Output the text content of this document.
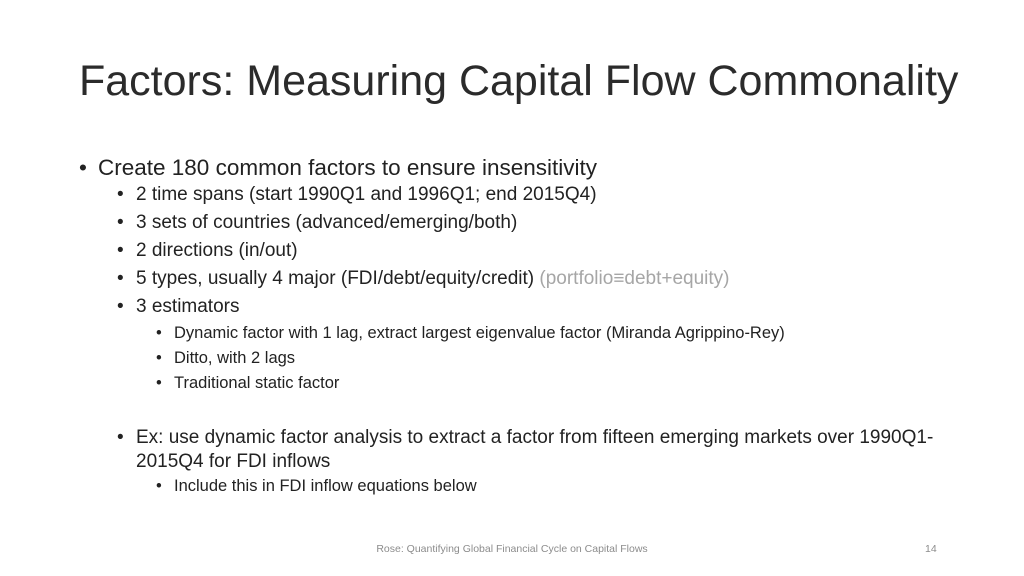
Factors: Measuring Capital Flow Commonality

• Create 180 common factors to ensure insensitivity

• 2 time spans (start 1990Q1 and 1996Q1; end 2015Q4)

• 3 sets of countries (advanced/emerging/both)

• 2 directions (in/out)

• 5 types, usually 4 major (FDI/debt/equity/credit) (portfolio≡debt+equity)

• 3 estimators

• Dynamic factor with 1 lag, extract largest eigenvalue factor (Miranda Agrippino-Rey)

• Ditto, with 2 lags

• Traditional static factor

• Ex: use dynamic factor analysis to extract a factor from fifteen emerging markets over 1990Q1-2015Q4 for FDI inflows

• Include this in FDI inflow equations below

Rose: Quantifying Global Financial Cycle on Capital Flows	14
